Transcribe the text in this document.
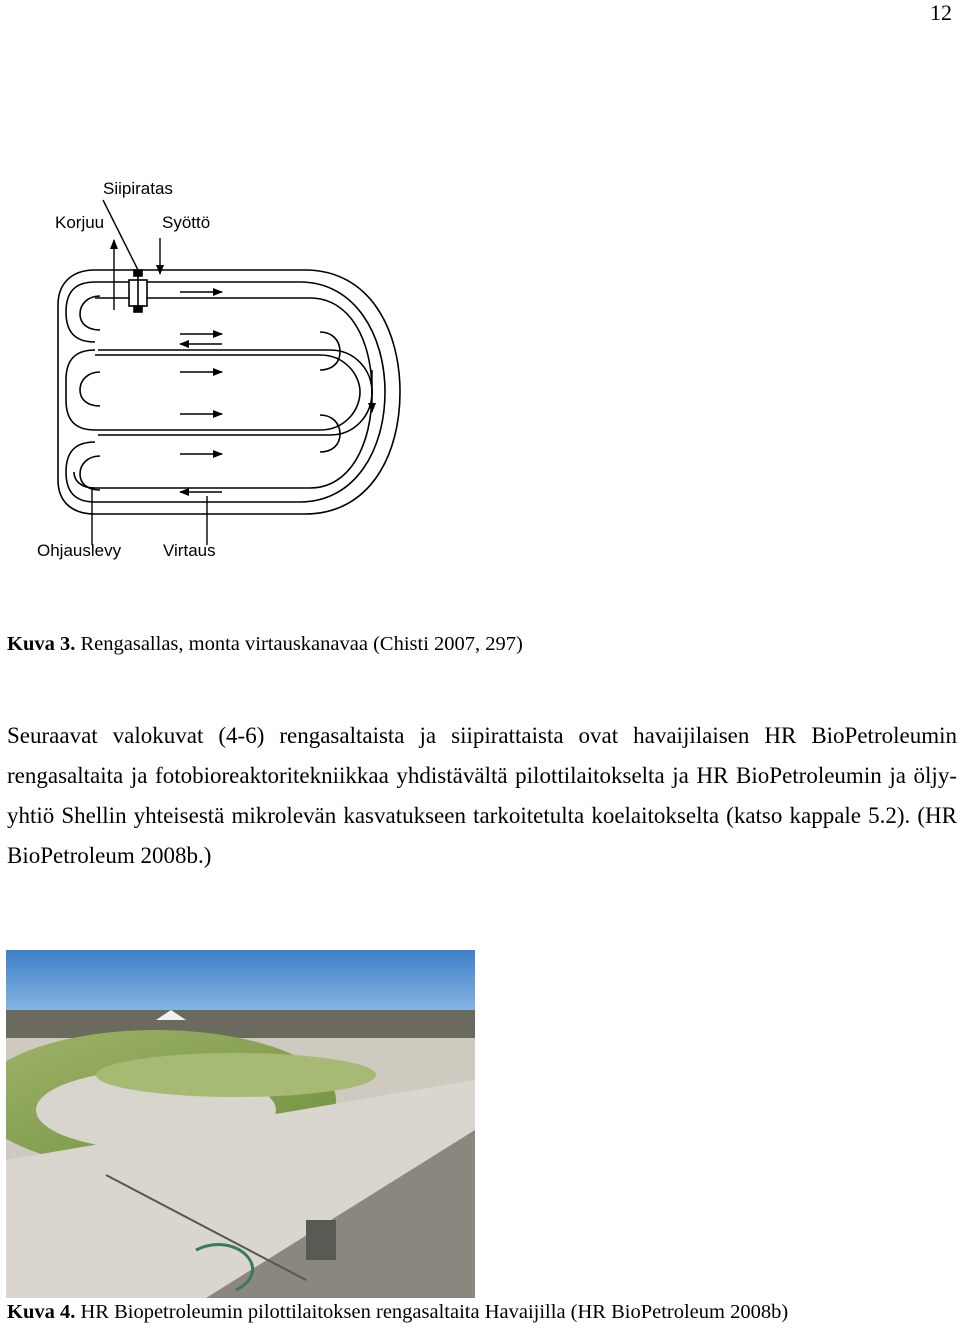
12
Siipiratas
Korjuu	Syöttö
Ohjauslevy Virtaus
Kuva 3. Rengasallas, monta virtauskanavaa (Chisti 2007, 297)
Seuraavat valokuvat (4-6) rengasaltaista ja siipirattaista ovat havaijilaisen HR BioPetroleumin rengasaltaita ja fotobioreaktoritekniikkaa yhdistävältä pilottilaitokselta ja HR BioPetroleumin ja öljy-yhtiö Shellin yhteisestä mikrolevän kasvatukseen tarkoitetulta koelaitokselta (katso kappale 5.2). (HR BioPetroleum 2008b.)
Kuva 4. HR Biopetroleumin pilottilaitoksen rengasaltaita Havaijilla (HR BioPetroleum 2008b)
